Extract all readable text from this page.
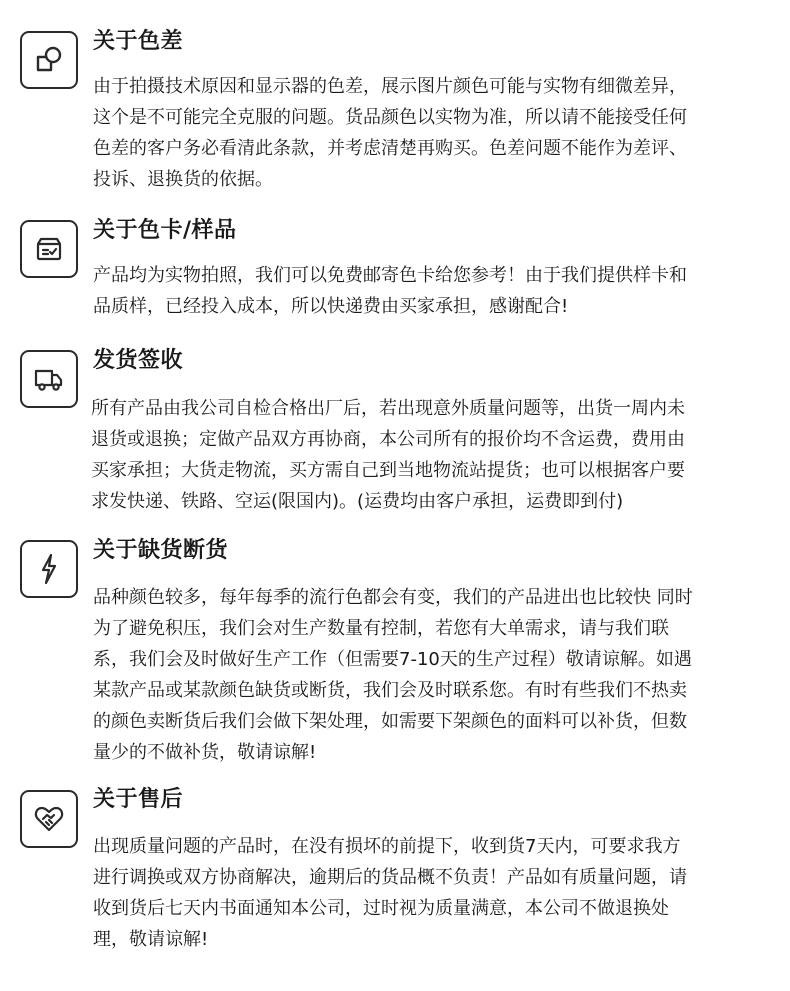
关于色差
由于拍摄技术原因和显示器的色差，展示图片颜色可能与实物有细微差异，
这个是不可能完全克服的问题。货品颜色以实物为准，所以请不能接受任何
色差的客户务必看清此条款，并考虑清楚再购买。色差问题不能作为差评、
投诉、退换货的依据。
关于色卡/样品
产品均为实物拍照，我们可以免费邮寄色卡给您参考！由于我们提供样卡和
品质样，已经投入成本，所以快递费由买家承担，感谢配合!
发货签收
所有产品由我公司自检合格出厂后，若出现意外质量问题等，出货一周内未
退货或退换；定做产品双方再协商，本公司所有的报价均不含运费，费用由
买家承担；大货走物流，买方需自己到当地物流站提货；也可以根据客户要
求发快递、铁路、空运(限国内)。(运费均由客户承担，运费即到付)
关于缺货断货
品种颜色较多，每年每季的流行色都会有变，我们的产品进出也比较快 同时
为了避免积压，我们会对生产数量有控制，若您有大单需求，请与我们联
系，我们会及时做好生产工作（但需要7-10天的生产过程）敬请谅解。如遇
某款产品或某款颜色缺货或断货，我们会及时联系您。有时有些我们不热卖
的颜色卖断货后我们会做下架处理，如需要下架颜色的面料可以补货，但数
量少的不做补货，敬请谅解!
关于售后
出现质量问题的产品时，在没有损坏的前提下，收到货7天内，可要求我方
进行调换或双方协商解决，逾期后的货品概不负责！产品如有质量问题，请
收到货后七天内书面通知本公司，过时视为质量满意，本公司不做退换处
理，敬请谅解!
